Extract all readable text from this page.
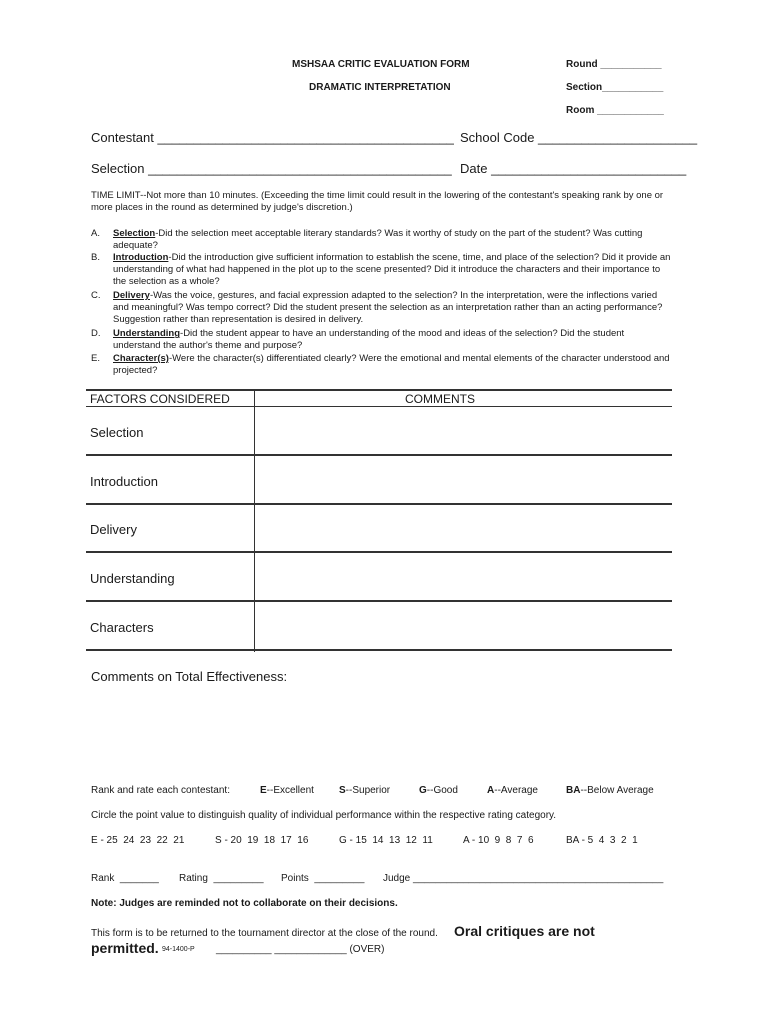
MSHSAA CRITIC EVALUATION FORM
DRAMATIC INTERPRETATION
Round ___________
Section___________
Room ____________
Contestant _________________________________________ School Code ______________________
Selection __________________________________________ Date ___________________________
TIME LIMIT--Not more than 10 minutes. (Exceeding the time limit could result in the lowering of the contestant's speaking rank by one or more places in the round as determined by judge's discretion.)
A. Selection-Did the selection meet acceptable literary standards? Was it worthy of study on the part of the student? Was cutting adequate?
B. Introduction-Did the introduction give sufficient information to establish the scene, time, and place of the selection? Did it provide an understanding of what had happened in the plot up to the scene presented? Did it introduce the characters and their importance to the selection as a whole?
C. Delivery-Was the voice, gestures, and facial expression adapted to the selection? In the interpretation, were the inflections varied and meaningful? Was tempo correct? Did the student present the selection as an interpretation rather than an acting performance? Suggestion rather than representation is desired in delivery.
D. Understanding-Did the student appear to have an understanding of the mood and ideas of the selection? Did the student understand the author's theme and purpose?
E. Character(s)-Were the character(s) differentiated clearly? Were the emotional and mental elements of the character understood and projected?
FACTORS CONSIDERED	COMMENTS
Selection
Introduction
Delivery
Understanding
Characters
Comments on Total Effectiveness:
Rank and rate each contestant:	E--Excellent	S--Superior	G--Good	A--Average	BA--Below Average
Circle the point value to distinguish quality of individual performance within the respective rating category.
E - 25  24  23  22  21	S - 20  19  18  17  16	G - 15  14  13  12  11	A - 10  9  8  7  6	BA - 5  4  3  2  1
Rank  _______ Rating  _________ Points  _________ Judge _____________________________________________
Note: Judges are reminded not to collaborate on their decisions.
This form is to be returned to the tournament director at the close of the round. Oral critiques are not
permitted. 94-1400-P __________ _____________ (OVER)
